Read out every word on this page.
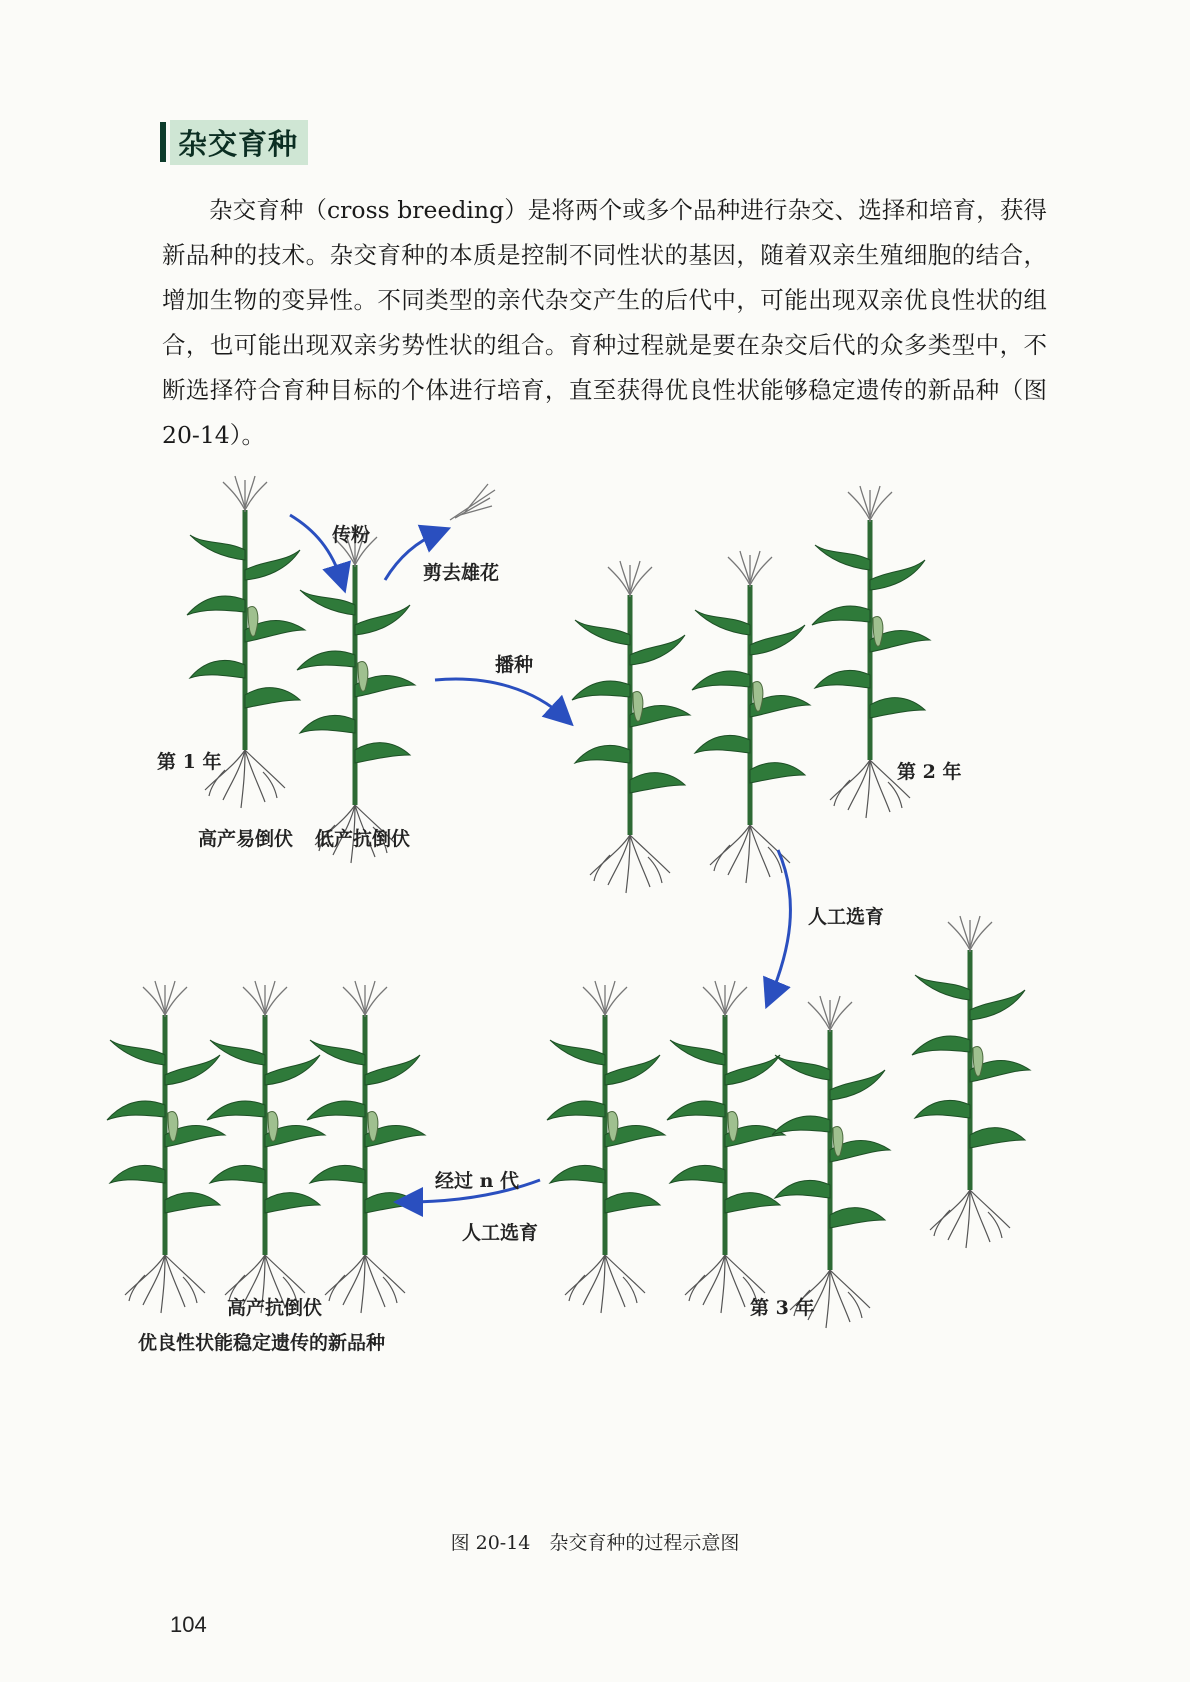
杂交育种

杂交育种（cross breeding）是将两个或多个品种进行杂交、选择和培育，获得新品种的技术。杂交育种的本质是控制不同性状的基因，随着双亲生殖细胞的结合，增加生物的变异性。不同类型的亲代杂交产生的后代中，可能出现双亲优良性状的组合，也可能出现双亲劣势性状的组合。育种过程就是要在杂交后代的众多类型中，不断选择符合育种目标的个体进行培育，直至获得优良性状能够稳定遗传的新品种（图 20-14）。

传粉
剪去雄花
播种
第 1 年
高产易倒伏 低产抗倒伏
第 2 年
人工选育
经过 n 代
人工选育
高产抗倒伏
优良性状能稳定遗传的新品种
第 3 年
图 20-14　杂交育种的过程示意图
104
